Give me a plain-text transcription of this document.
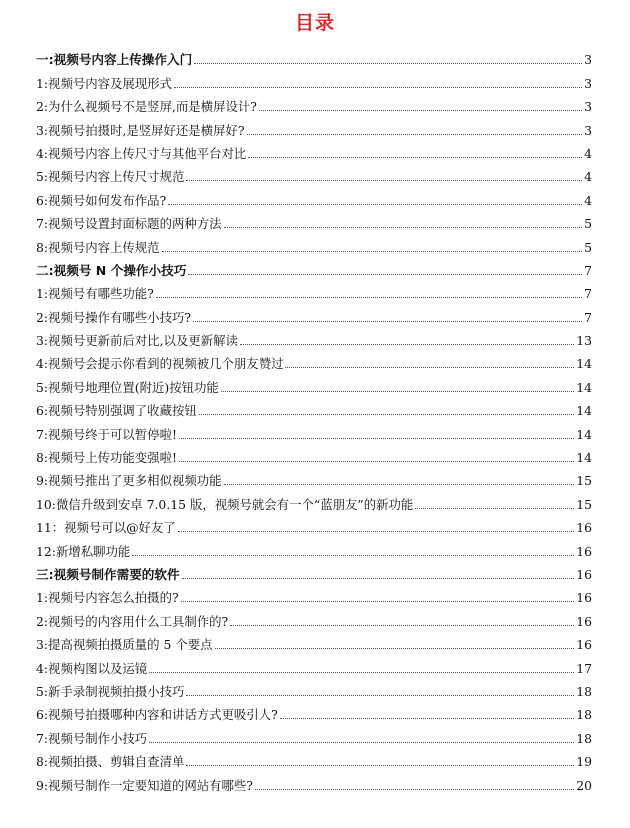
目录
一:视频号内容上传操作入门	3
1:视频号内容及展现形式	3
2:为什么视频号不是竖屏,而是横屏设计?	3
3:视频号拍摄时,是竖屏好还是横屏好?	3
4:视频号内容上传尺寸与其他平台对比	4
5:视频号内容上传尺寸规范	4
6:视频号如何发布作品?	4
7:视频号设置封面标题的两种方法	5
8:视频号内容上传规范	5
二:视频号 N 个操作小技巧	7
1:视频号有哪些功能?	7
2:视频号操作有哪些小技巧?	7
3:视频号更新前后对比,以及更新解读	13
4:视频号会提示你看到的视频被几个朋友赞过	14
5:视频号地理位置(附近)按钮功能	14
6:视频号特别强调了收藏按钮	14
7:视频号终于可以暂停啦!	14
8:视频号上传功能变强啦!	14
9:视频号推出了更多相似视频功能	15
10:微信升级到安卓 7.0.15 版，视频号就会有一个“蓝朋友”的新功能	15
11：视频号可以@好友了	16
12:新增私聊功能	16
三:视频号制作需要的软件	16
1:视频号内容怎么拍摄的?	16
2:视频号的内容用什么工具制作的?	16
3:提高视频拍摄质量的 5 个要点	16
4:视频构图以及运镜	17
5:新手录制视频拍摄小技巧	18
6:视频号拍摄哪种内容和讲话方式更吸引人?	18
7:视频号制作小技巧	18
8:视频拍摄、剪辑自查清单	19
9:视频号制作一定要知道的网站有哪些?	20
